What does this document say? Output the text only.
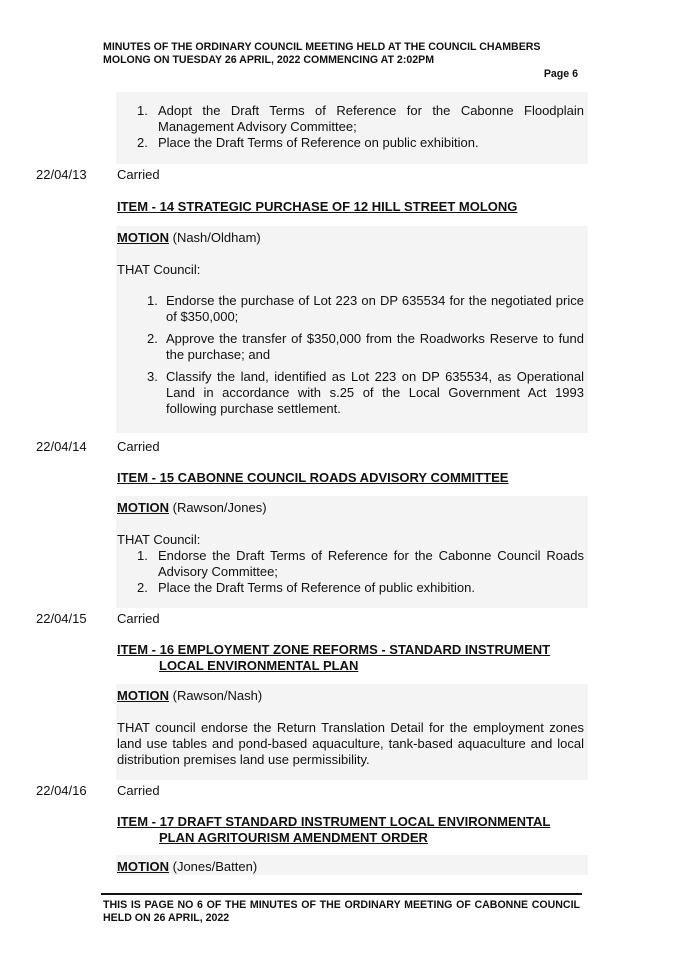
MINUTES OF THE ORDINARY COUNCIL MEETING HELD AT THE COUNCIL CHAMBERS
MOLONG ON TUESDAY 26 APRIL, 2022 COMMENCING AT 2:02PM
Page 6
1. Adopt the Draft Terms of Reference for the Cabonne Floodplain Management Advisory Committee;
2. Place the Draft Terms of Reference on public exhibition.
22/04/13 Carried
ITEM - 14 STRATEGIC PURCHASE OF 12 HILL STREET MOLONG
MOTION (Nash/Oldham)
THAT Council:
1. Endorse the purchase of Lot 223 on DP 635534 for the negotiated price of $350,000;
2. Approve the transfer of $350,000 from the Roadworks Reserve to fund the purchase; and
3. Classify the land, identified as Lot 223 on DP 635534, as Operational Land in accordance with s.25 of the Local Government Act 1993 following purchase settlement.
22/04/14 Carried
ITEM - 15 CABONNE COUNCIL ROADS ADVISORY COMMITTEE
MOTION (Rawson/Jones)
THAT Council:
1. Endorse the Draft Terms of Reference for the Cabonne Council Roads Advisory Committee;
2. Place the Draft Terms of Reference of public exhibition.
22/04/15 Carried
ITEM - 16 EMPLOYMENT ZONE REFORMS - STANDARD INSTRUMENT
LOCAL ENVIRONMENTAL PLAN
MOTION (Rawson/Nash)
THAT council endorse the Return Translation Detail for the employment zones land use tables and pond-based aquaculture, tank-based aquaculture and local distribution premises land use permissibility.
22/04/16 Carried
ITEM - 17 DRAFT STANDARD INSTRUMENT LOCAL ENVIRONMENTAL
PLAN AGRITOURISM AMENDMENT ORDER
MOTION (Jones/Batten)
THIS IS PAGE NO 6 OF THE MINUTES OF THE ORDINARY MEETING OF CABONNE COUNCIL HELD ON 26 APRIL, 2022
